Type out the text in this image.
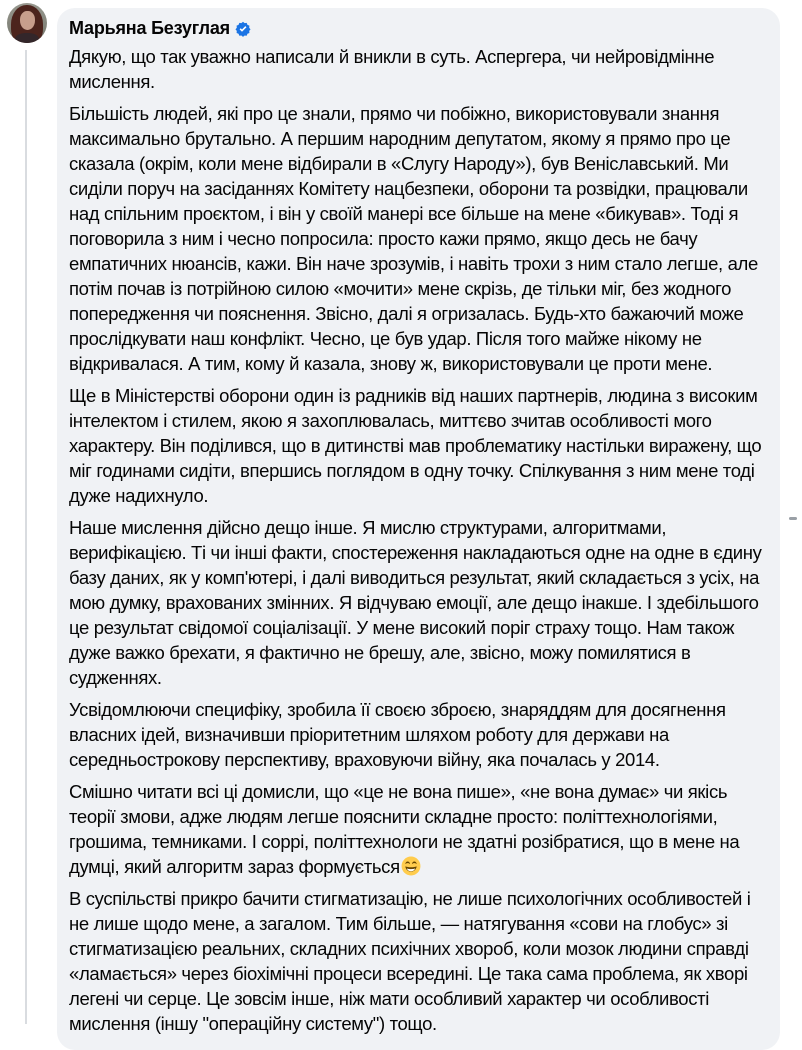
Марьяна Безуглая

Дякую, що так уважно написали й вникли в суть. Аспергера, чи нейровідмінне мислення.

Більшість людей, які про це знали, прямо чи побіжно, використовували знання максимально брутально. А першим народним депутатом, якому я прямо про це сказала (окрім, коли мене відбирали в «Слугу Народу»), був Веніславський. Ми сиділи поруч на засіданнях Комітету нацбезпеки, оборони та розвідки, працювали над спільним проєктом, і він у своїй манері все більше на мене «бикував». Тоді я поговорила з ним і чесно попросила: просто кажи прямо, якщо десь не бачу емпатичних нюансів, кажи. Він наче зрозумів, і навіть трохи з ним стало легше, але потім почав із потрійною силою «мочити» мене скрізь, де тільки міг, без жодного попередження чи пояснення. Звісно, далі я огризалась. Будь-хто бажаючий може прослідкувати наш конфлікт. Чесно, це був удар. Після того майже нікому не відкривалася. А тим, кому й казала, знову ж, використовували це проти мене.

Ще в Міністерстві оборони один із радників від наших партнерів, людина з високим інтелектом і стилем, якою я захоплювалась, миттєво зчитав особливості мого характеру. Він поділився, що в дитинстві мав проблематику настільки виражену, що міг годинами сидіти, впершись поглядом в одну точку. Спілкування з ним мене тоді дуже надихнуло.

Наше мислення дійсно дещо інше. Я мислю структурами, алгоритмами, верифікацією. Ті чи інші факти, спостереження накладаються одне на одне в єдину базу даних, як у комп'ютері, і далі виводиться результат, який складається з усіх, на мою думку, врахованих змінних. Я відчуваю емоції, але дещо інакше. І здебільшого це результат свідомої соціалізації. У мене високий поріг страху тощо. Нам також дуже важко брехати, я фактично не брешу, але, звісно, можу помилятися в судженнях.

Усвідомлюючи специфіку, зробила її своєю зброєю, знаряддям для досягнення власних ідей, визначивши пріоритетним шляхом роботу для держави на середньострокову перспективу, враховуючи війну, яка почалась у 2014.

Смішно читати всі ці домисли, що «це не вона пише», «не вона думає» чи якісь теорії змови, адже людям легше пояснити складне просто: політтехнологіями, грошима, темниками. І соррі, політтехнологи не здатні розібратися, що в мене на думці, який алгоритм зараз формується

В суспільстві прикро бачити стигматизацію, не лише психологічних особливостей і не лише щодо мене, а загалом. Тим більше, — натягування «сови на глобус» зі стигматизацією реальних, складних психічних хвороб, коли мозок людини справді «ламається» через біохімічні процеси всередині. Це така сама проблема, як хворі легені чи серце. Це зовсім інше, ніж мати особливий характер чи особливості мислення (іншу "операційну систему") тощо.
